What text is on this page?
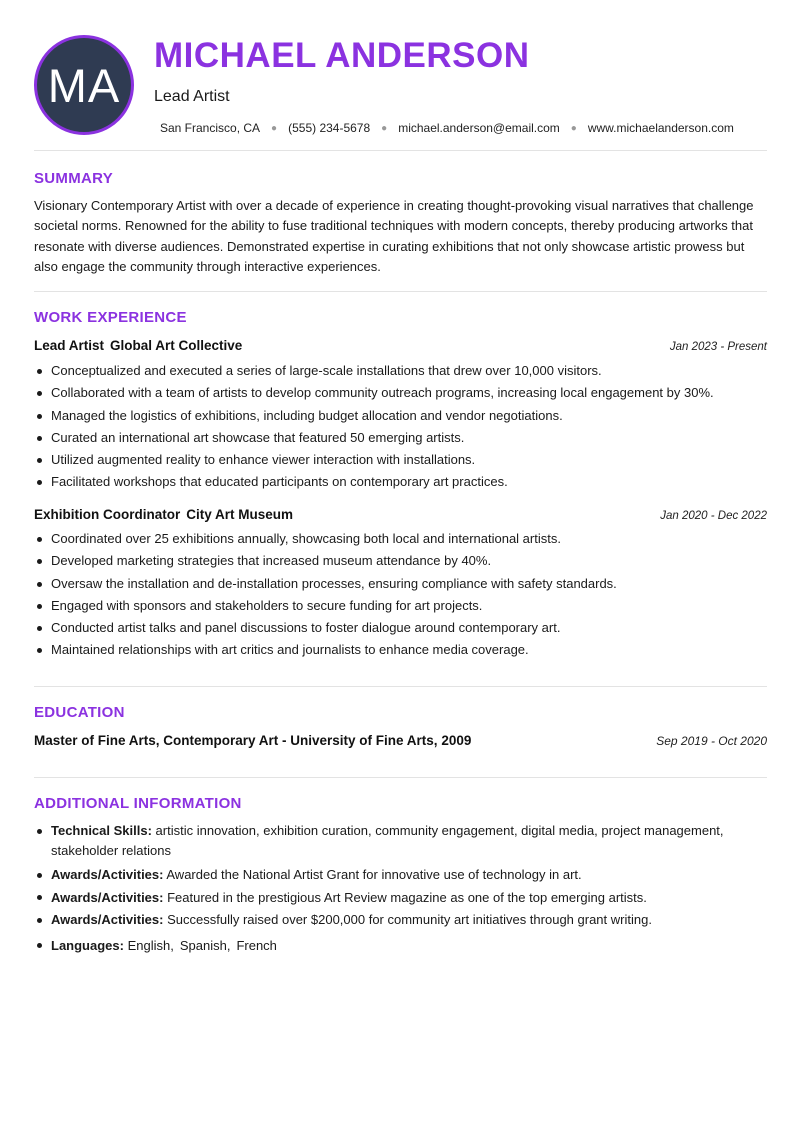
MA
MICHAEL ANDERSON
Lead Artist
San Francisco, CA ● (555) 234-5678 ● michael.anderson@email.com ● www.michaelanderson.com
SUMMARY

Visionary Contemporary Artist with over a decade of experience in creating thought-provoking visual narratives that challenge societal norms. Renowned for the ability to fuse traditional techniques with modern concepts, thereby producing artworks that resonate with diverse audiences. Demonstrated expertise in curating exhibitions that not only showcase artistic prowess but also engage the community through interactive experiences.

WORK EXPERIENCE
Lead Artist Global Art Collective	Jan 2023 - Present
Conceptualized and executed a series of large-scale installations that drew over 10,000 visitors.
Collaborated with a team of artists to develop community outreach programs, increasing local engagement by 30%.
Managed the logistics of exhibitions, including budget allocation and vendor negotiations.
Curated an international art showcase that featured 50 emerging artists.
Utilized augmented reality to enhance viewer interaction with installations.
Facilitated workshops that educated participants on contemporary art practices.
Exhibition Coordinator City Art Museum	Jan 2020 - Dec 2022
Coordinated over 25 exhibitions annually, showcasing both local and international artists.
Developed marketing strategies that increased museum attendance by 40%.
Oversaw the installation and de-installation processes, ensuring compliance with safety standards.
Engaged with sponsors and stakeholders to secure funding for art projects.
Conducted artist talks and panel discussions to foster dialogue around contemporary art.
Maintained relationships with art critics and journalists to enhance media coverage.
EDUCATION
Master of Fine Arts, Contemporary Art - University of Fine Arts, 2009	Sep 2019 - Oct 2020
ADDITIONAL INFORMATION
Technical Skills: artistic innovation, exhibition curation, community engagement, digital media, project management, stakeholder relations
Awards/Activities: Awarded the National Artist Grant for innovative use of technology in art.
Awards/Activities: Featured in the prestigious Art Review magazine as one of the top emerging artists.
Awards/Activities: Successfully raised over $200,000 for community art initiatives through grant writing.
Languages: English, Spanish, French
